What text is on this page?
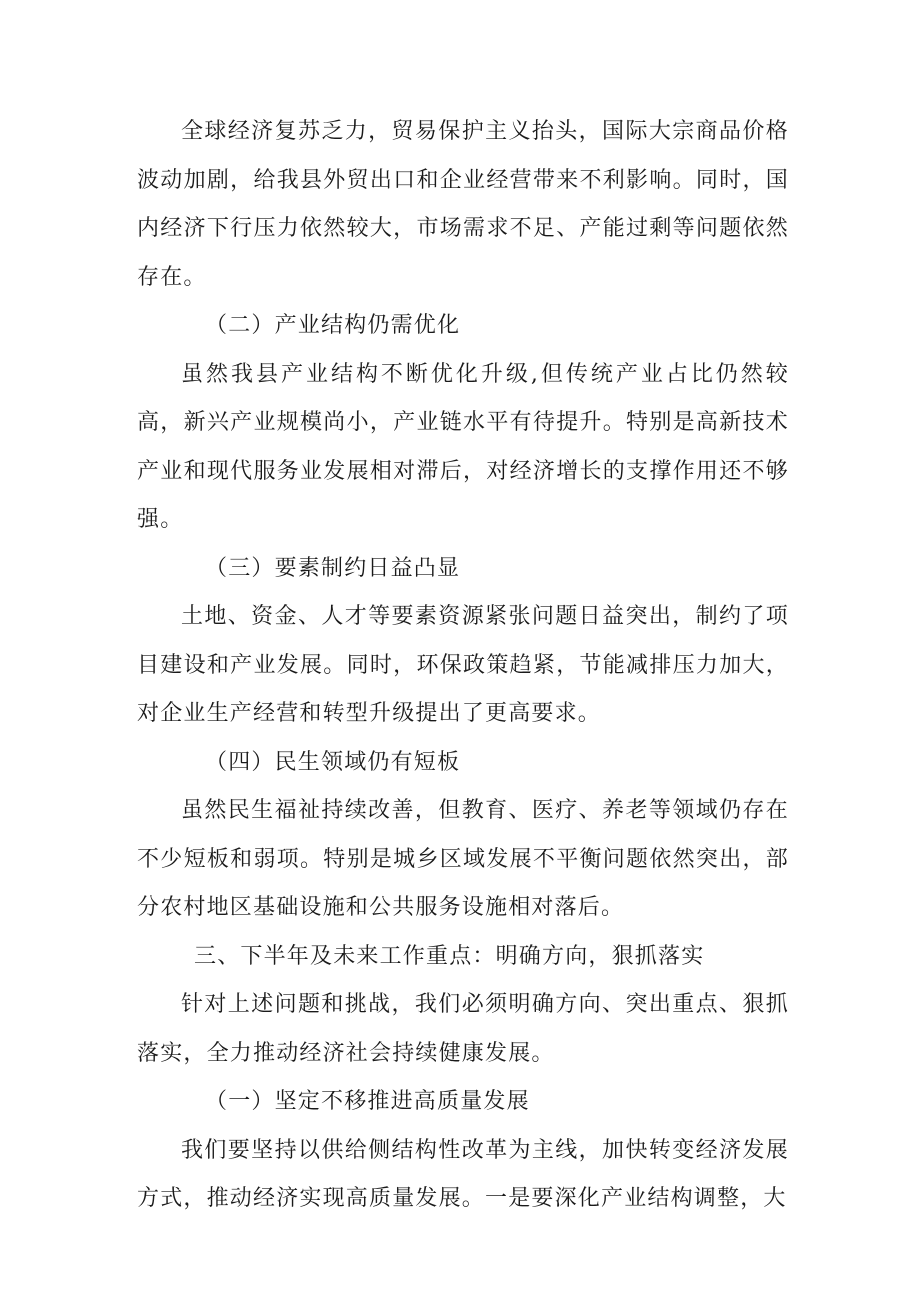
全球经济复苏乏力，贸易保护主义抬头，国际大宗商品价格波动加剧，给我县外贸出口和企业经营带来不利影响。同时，国内经济下行压力依然较大，市场需求不足、产能过剩等问题依然存在。

（二）产业结构仍需优化

虽然我县产业结构不断优化升级,但传统产业占比仍然较高，新兴产业规模尚小，产业链水平有待提升。特别是高新技术产业和现代服务业发展相对滞后，对经济增长的支撑作用还不够强。

（三）要素制约日益凸显

土地、资金、人才等要素资源紧张问题日益突出，制约了项目建设和产业发展。同时，环保政策趋紧，节能减排压力加大，对企业生产经营和转型升级提出了更高要求。

（四）民生领域仍有短板

虽然民生福祉持续改善，但教育、医疗、养老等领域仍存在不少短板和弱项。特别是城乡区域发展不平衡问题依然突出，部分农村地区基础设施和公共服务设施相对落后。

三、下半年及未来工作重点：明确方向，狠抓落实

针对上述问题和挑战，我们必须明确方向、突出重点、狠抓落实，全力推动经济社会持续健康发展。

（一）坚定不移推进高质量发展

我们要坚持以供给侧结构性改革为主线，加快转变经济发展方式，推动经济实现高质量发展。一是要深化产业结构调整，大
